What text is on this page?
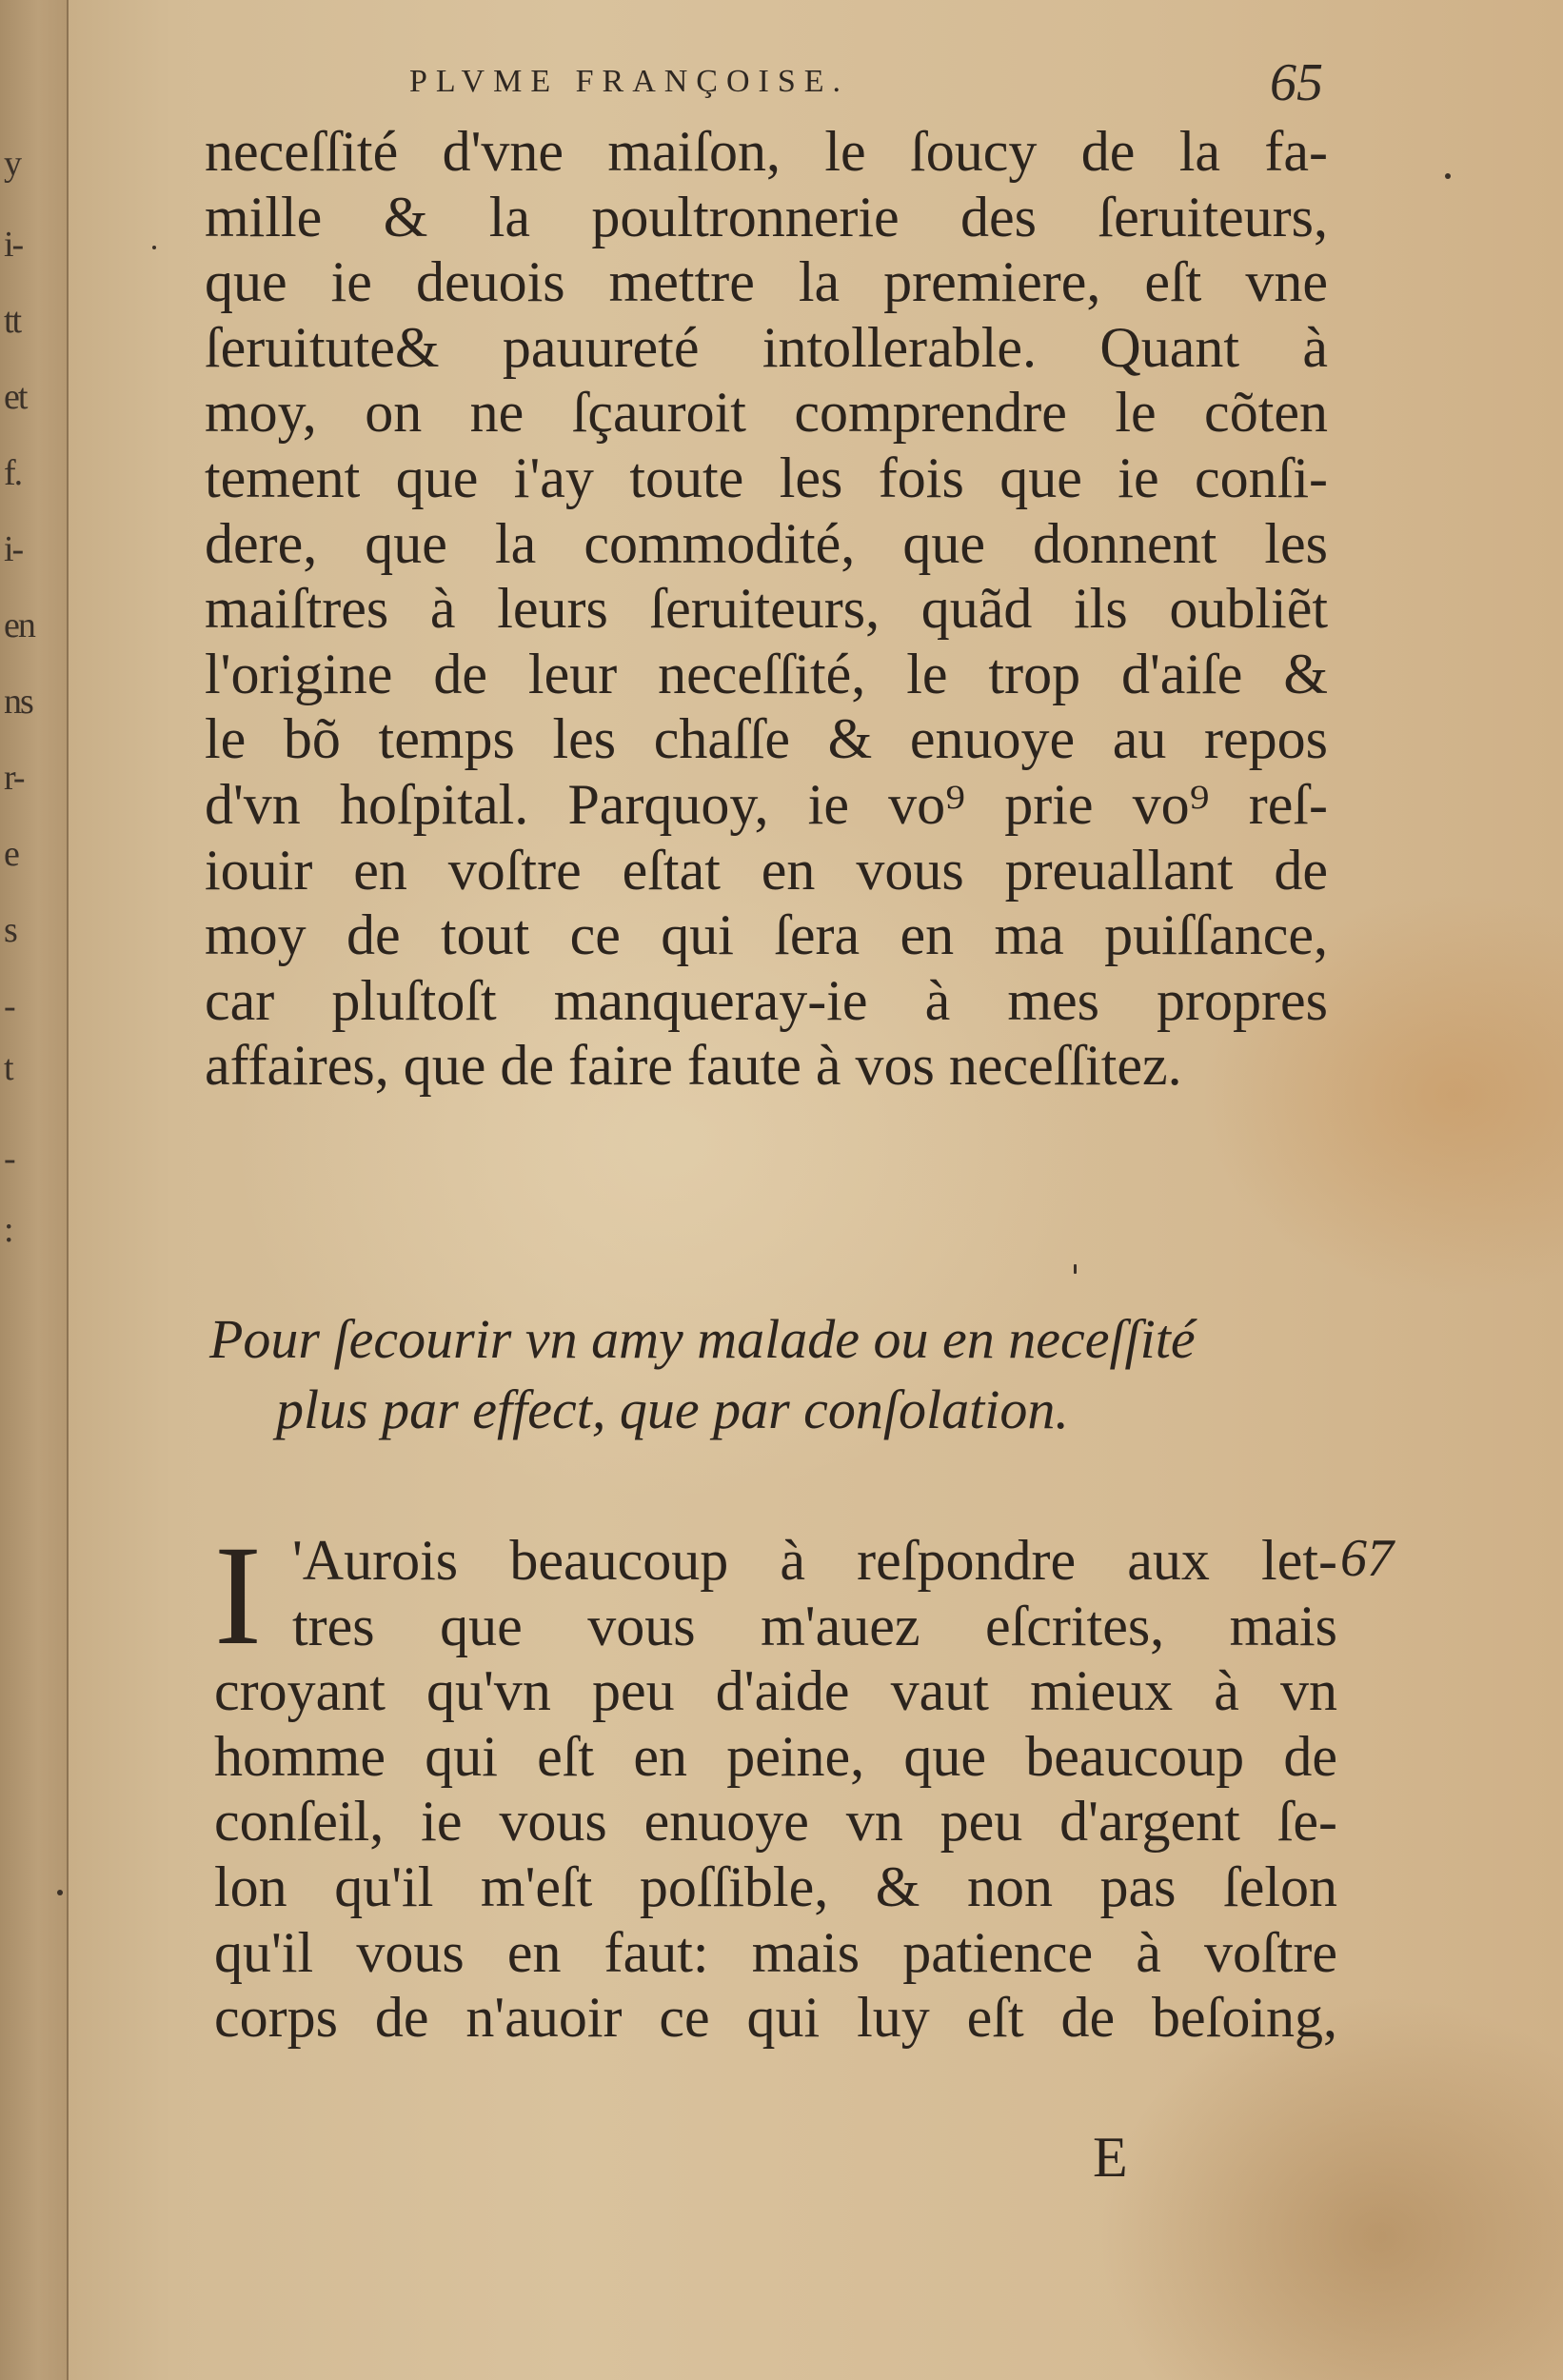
y
i-
tt
et
f.
i-
en
ns
r-
e
s
-
t
-
:
PLVME FRANÇOISE.	65
neceſſité d'vne maiſon, le ſoucy de la fa-
mille & la poultronnerie des ſeruiteurs,
que ie deuois mettre la premiere, eſt vne
ſeruitute& pauureté intollerable. Quant à
moy, on ne ſçauroit comprendre le cõten
tement que i'ay toute les fois que ie conſi-
dere, que la commodité, que donnent les
maiſtres à leurs ſeruiteurs, quãd ils oubliẽt
l'origine de leur neceſſité, le trop d'aiſe &
le bõ temps les chaſſe & enuoye au repos
d'vn hoſpital. Parquoy, ie vo⁹ prie vo⁹ reſ-
iouir en voſtre eſtat en vous preuallant de
moy de tout ce qui ſera en ma puiſſance,
car pluſtoſt manqueray-ie à mes propres
affaires, que de faire faute à vos neceſſitez.
Pour ſecourir vn amy malade ou en neceſſité
plus par effect, que par conſolation.
I 'Aurois beaucoup à reſpondre aux let-
tres que vous m'auez eſcrites, mais
croyant qu'vn peu d'aide vaut mieux à vn
homme qui eſt en peine, que beaucoup de
conſeil, ie vous enuoye vn peu d'argent ſe-
lon qu'il m'eſt poſſible, & non pas ſelon
qu'il vous en faut: mais patience à voſtre
corps de n'auoir ce qui luy eſt de beſoing,
67
E
